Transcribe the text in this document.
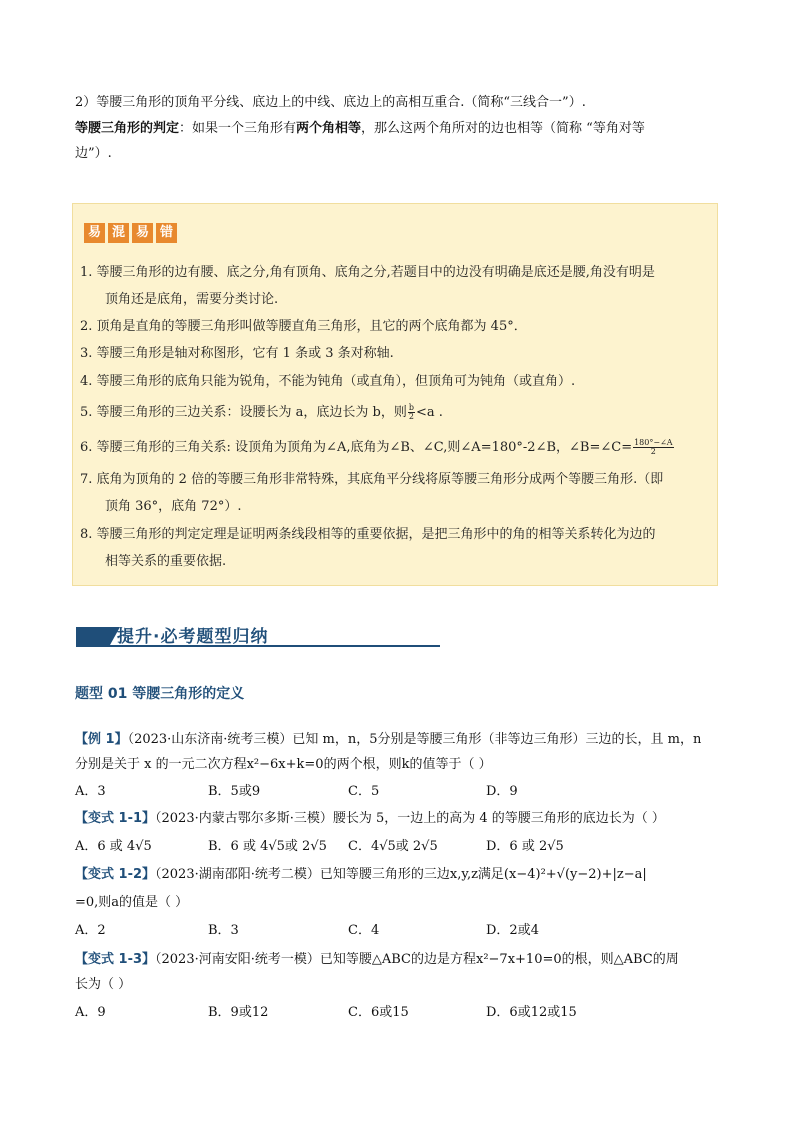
2）等腰三角形的顶角平分线、底边上的中线、底边上的高相互重合.（简称“三线合一”）.
等腰三角形的判定：如果一个三角形有两个角相等，那么这两个角所对的边也相等（简称 “等角对等
边”）.
易 混 易 错
1. 等腰三角形的边有腰、底之分,角有顶角、底角之分,若题目中的边没有明确是底还是腰,角没有明是
顶角还是底角，需要分类讨论.
2. 顶角是直角的等腰三角形叫做等腰直角三角形，且它的两个底角都为 45°．
3. 等腰三角形是轴对称图形，它有 1 条或 3 条对称轴.
4. 等腰三角形的底角只能为锐角，不能为钝角（或直角），但顶角可为钝角（或直角）.
5. 等腰三角形的三边关系：设腰长为 a，底边长为 b，则 $\frac{b}{2} <a$ .
6. 等腰三角形的三角关系: 设顶角为顶角为∠A,底角为∠B、∠C,则∠A=180°-2∠B，∠B=∠C= $\frac{180^\circ-\angle A}{2}$
7. 底角为顶角的 2 倍的等腰三角形非常特殊，其底角平分线将原等腰三角形分成两个等腰三角形.（即
顶角 36°，底角 72°）.
8. 等腰三角形的判定定理是证明两条线段相等的重要依据，是把三角形中的角的相等关系转化为边的
相等关系的重要依据.
提升·必考题型归纳
题型 01 等腰三角形的定义
【例 1】（2023·山东济南·统考三模）已知 m，n，5分别是等腰三角形（非等边三角形）三边的长，且 m，n
分别是关于 x 的一元二次方程x²−6x+k=0的两个根，则k的值等于（ ）
A．3	B．5或9	C．5	D．9
【变式 1-1】（2023·内蒙古鄂尔多斯·三模）腰长为 5，一边上的高为 4 的等腰三角形的底边长为（ ）
A．6 或 4√5	B．6 或 4√5或 2√5 C．4√5或 2√5	D．6 或 2√5
【变式 1-2】（2023·湖南邵阳·统考二模）已知等腰三角形的三边x,y,z满足(x−4)²+√(y−2)+|z−a|
=0,则a的值是（ ）
A．2	B．3	C．4	D．2或4
【变式 1-3】（2023·河南安阳·统考一模）已知等腰△ABC的边是方程x²−7x+10=0的根，则△ABC的周
长为（ ）
A．9	B．9或12	C．6或15	D．6或12或15
